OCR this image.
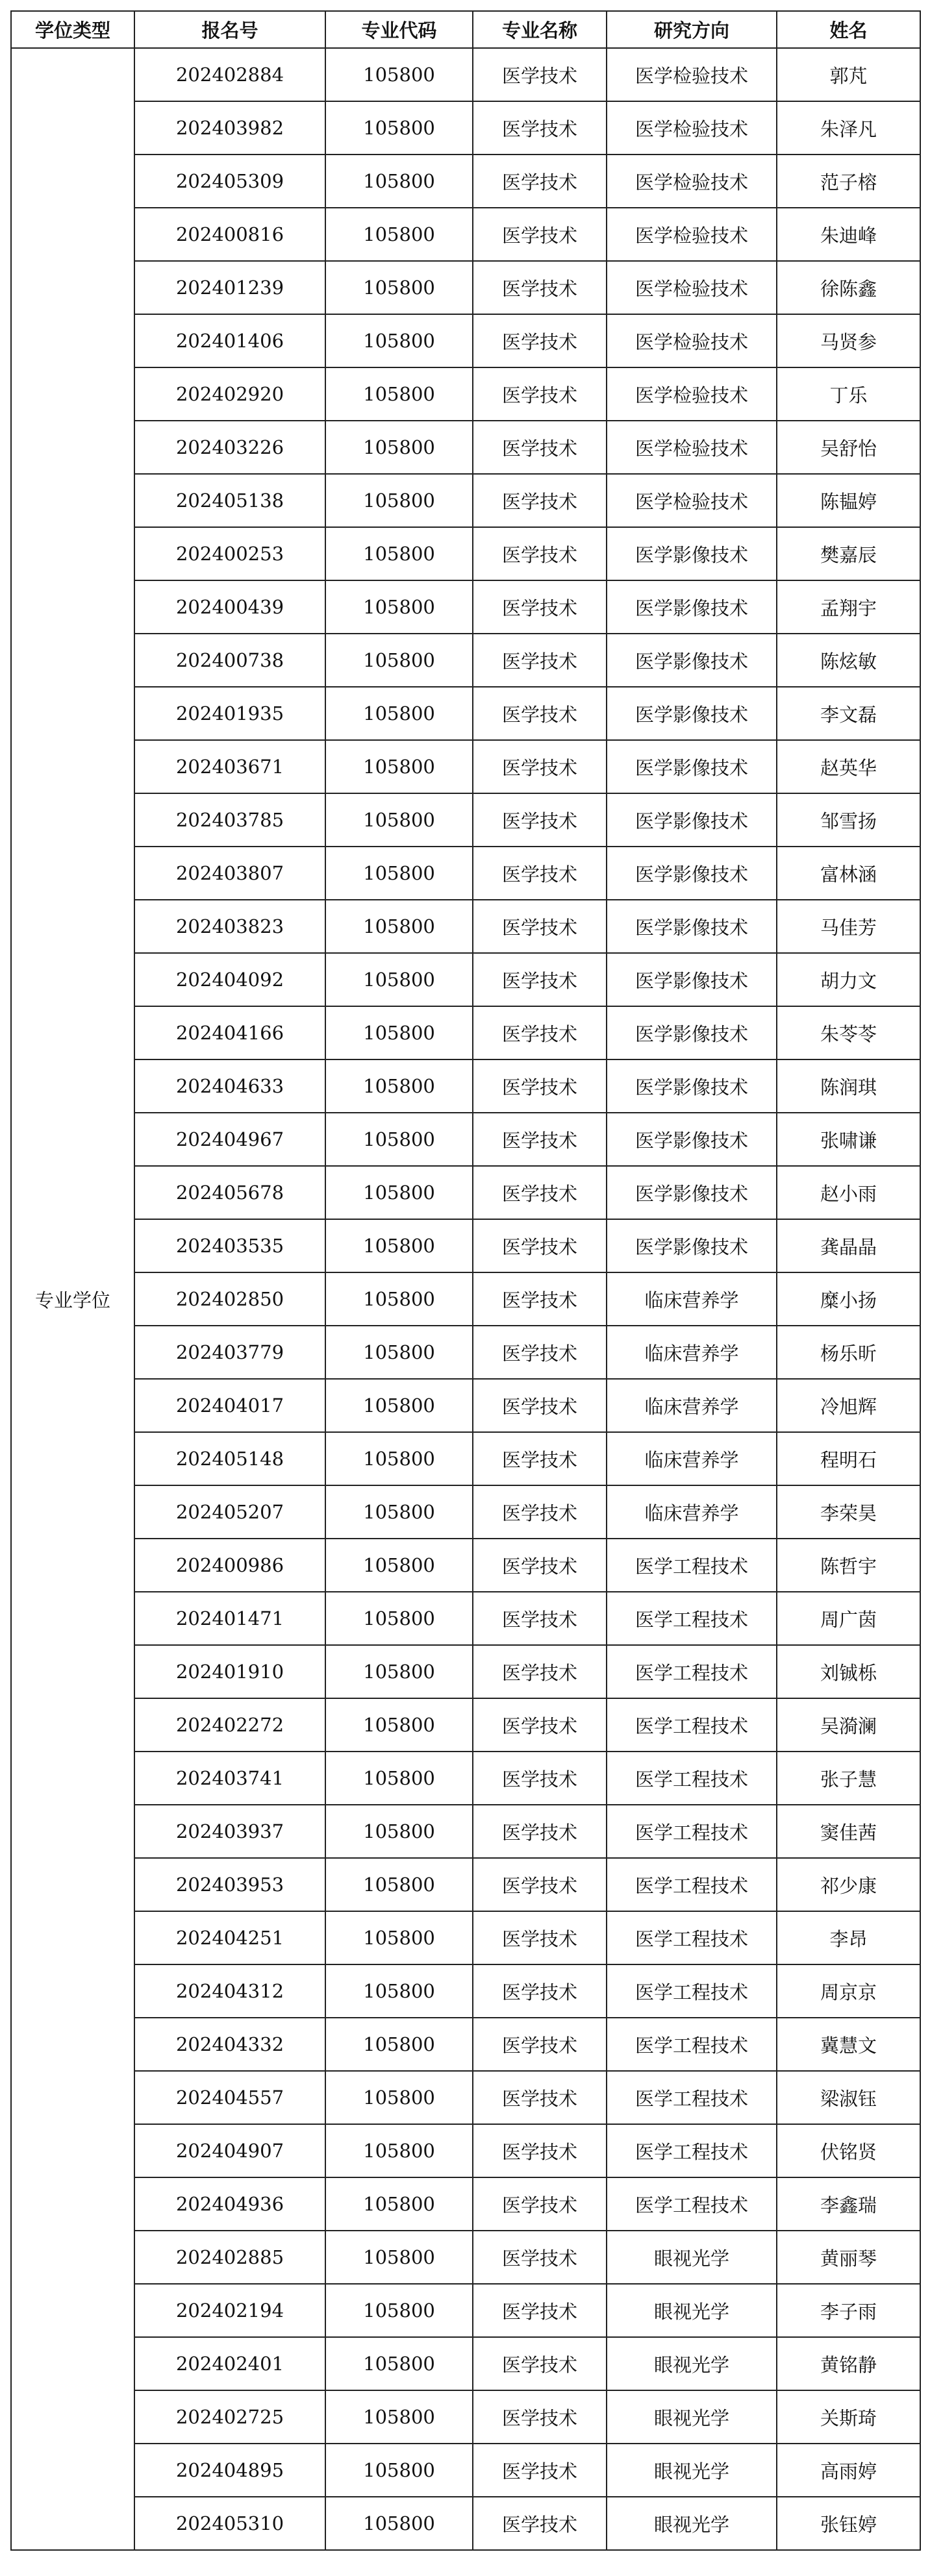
学位类型	报名号	专业代码	专业名称	研究方向	姓名
专业学位	202402884	105800	医学技术	医学检验技术	郭芃
	202403982	105800	医学技术	医学检验技术	朱泽凡
	202405309	105800	医学技术	医学检验技术	范子榕
	202400816	105800	医学技术	医学检验技术	朱迪峰
	202401239	105800	医学技术	医学检验技术	徐陈鑫
	202401406	105800	医学技术	医学检验技术	马贤参
	202402920	105800	医学技术	医学检验技术	丁乐
	202403226	105800	医学技术	医学检验技术	吴舒怡
	202405138	105800	医学技术	医学检验技术	陈韫婷
	202400253	105800	医学技术	医学影像技术	樊嘉辰
	202400439	105800	医学技术	医学影像技术	孟翔宇
	202400738	105800	医学技术	医学影像技术	陈炫敏
	202401935	105800	医学技术	医学影像技术	李文磊
	202403671	105800	医学技术	医学影像技术	赵英华
	202403785	105800	医学技术	医学影像技术	邹雪扬
	202403807	105800	医学技术	医学影像技术	富林涵
	202403823	105800	医学技术	医学影像技术	马佳芳
	202404092	105800	医学技术	医学影像技术	胡力文
	202404166	105800	医学技术	医学影像技术	朱苓苓
	202404633	105800	医学技术	医学影像技术	陈润琪
	202404967	105800	医学技术	医学影像技术	张啸谦
	202405678	105800	医学技术	医学影像技术	赵小雨
	202403535	105800	医学技术	医学影像技术	龚晶晶
	202402850	105800	医学技术	临床营养学	糜小扬
	202403779	105800	医学技术	临床营养学	杨乐昕
	202404017	105800	医学技术	临床营养学	冷旭辉
	202405148	105800	医学技术	临床营养学	程明石
	202405207	105800	医学技术	临床营养学	李荣昊
	202400986	105800	医学技术	医学工程技术	陈哲宇
	202401471	105800	医学技术	医学工程技术	周广茵
	202401910	105800	医学技术	医学工程技术	刘铖栎
	202402272	105800	医学技术	医学工程技术	吴漪澜
	202403741	105800	医学技术	医学工程技术	张子慧
	202403937	105800	医学技术	医学工程技术	窦佳茜
	202403953	105800	医学技术	医学工程技术	祁少康
	202404251	105800	医学技术	医学工程技术	李昂
	202404312	105800	医学技术	医学工程技术	周京京
	202404332	105800	医学技术	医学工程技术	冀慧文
	202404557	105800	医学技术	医学工程技术	梁淑钰
	202404907	105800	医学技术	医学工程技术	伏铭贤
	202404936	105800	医学技术	医学工程技术	李鑫瑞
	202402885	105800	医学技术	眼视光学	黄丽琴
	202402194	105800	医学技术	眼视光学	李子雨
	202402401	105800	医学技术	眼视光学	黄铭静
	202402725	105800	医学技术	眼视光学	关斯琦
	202404895	105800	医学技术	眼视光学	高雨婷
	202405310	105800	医学技术	眼视光学	张钰婷
